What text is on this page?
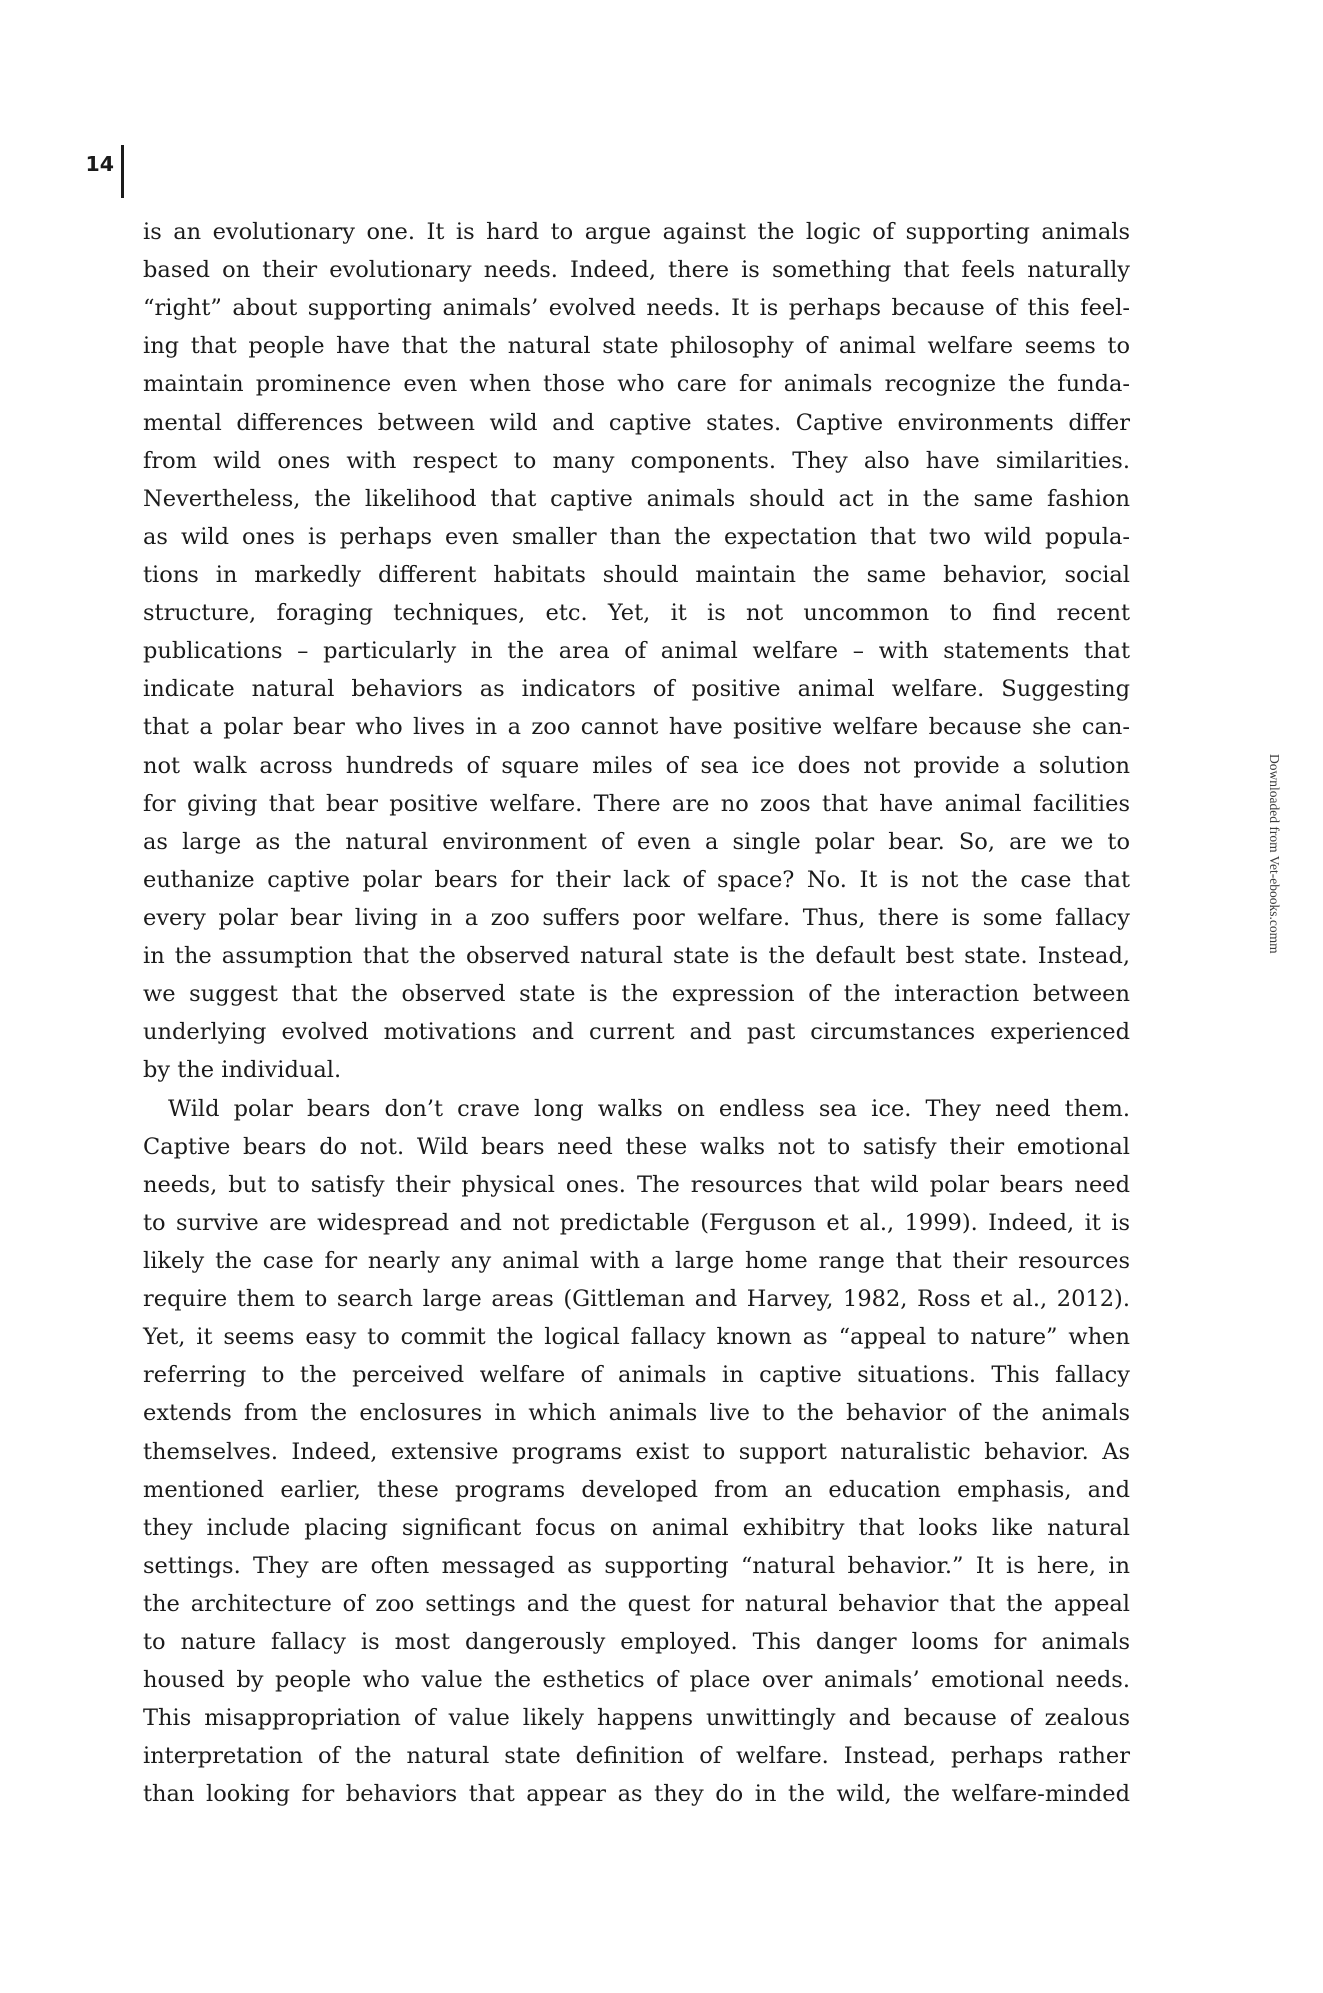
14
is an evolutionary one. It is hard to argue against the logic of supporting animals
based on their evolutionary needs. Indeed, there is something that feels naturally
“right” about supporting animals’ evolved needs. It is perhaps because of this feel-
ing that people have that the natural state philosophy of animal welfare seems to
maintain prominence even when those who care for animals recognize the funda-
mental differences between wild and captive states. Captive environments differ
from wild ones with respect to many components. They also have similarities.
Nevertheless, the likelihood that captive animals should act in the same fashion
as wild ones is perhaps even smaller than the expectation that two wild popula-
tions in markedly different habitats should maintain the same behavior, social
structure, foraging techniques, etc. Yet, it is not uncommon to find recent
publications – particularly in the area of animal welfare – with statements that
indicate natural behaviors as indicators of positive animal welfare. Suggesting
that a polar bear who lives in a zoo cannot have positive welfare because she can-
not walk across hundreds of square miles of sea ice does not provide a solution
for giving that bear positive welfare. There are no zoos that have animal facilities
as large as the natural environment of even a single polar bear. So, are we to
euthanize captive polar bears for their lack of space? No. It is not the case that
every polar bear living in a zoo suffers poor welfare. Thus, there is some fallacy
in the assumption that the observed natural state is the default best state. Instead,
we suggest that the observed state is the expression of the interaction between
underlying evolved motivations and current and past circumstances experienced
by the individual.
Wild polar bears don’t crave long walks on endless sea ice. They need them.
Captive bears do not. Wild bears need these walks not to satisfy their emotional
needs, but to satisfy their physical ones. The resources that wild polar bears need
to survive are widespread and not predictable (Ferguson et al., 1999). Indeed, it is
likely the case for nearly any animal with a large home range that their resources
require them to search large areas (Gittleman and Harvey, 1982, Ross et al., 2012).
Yet, it seems easy to commit the logical fallacy known as “appeal to nature” when
referring to the perceived welfare of animals in captive situations. This fallacy
extends from the enclosures in which animals live to the behavior of the animals
themselves. Indeed, extensive programs exist to support naturalistic behavior. As
mentioned earlier, these programs developed from an education emphasis, and
they include placing significant focus on animal exhibitry that looks like natural
settings. They are often messaged as supporting “natural behavior.” It is here, in
the architecture of zoo settings and the quest for natural behavior that the appeal
to nature fallacy is most dangerously employed. This danger looms for animals
housed by people who value the esthetics of place over animals’ emotional needs.
This misappropriation of value likely happens unwittingly and because of zealous
interpretation of the natural state definition of welfare. Instead, perhaps rather
than looking for behaviors that appear as they do in the wild, the welfare-minded
Downloaded from Vet-ebooks.comm
